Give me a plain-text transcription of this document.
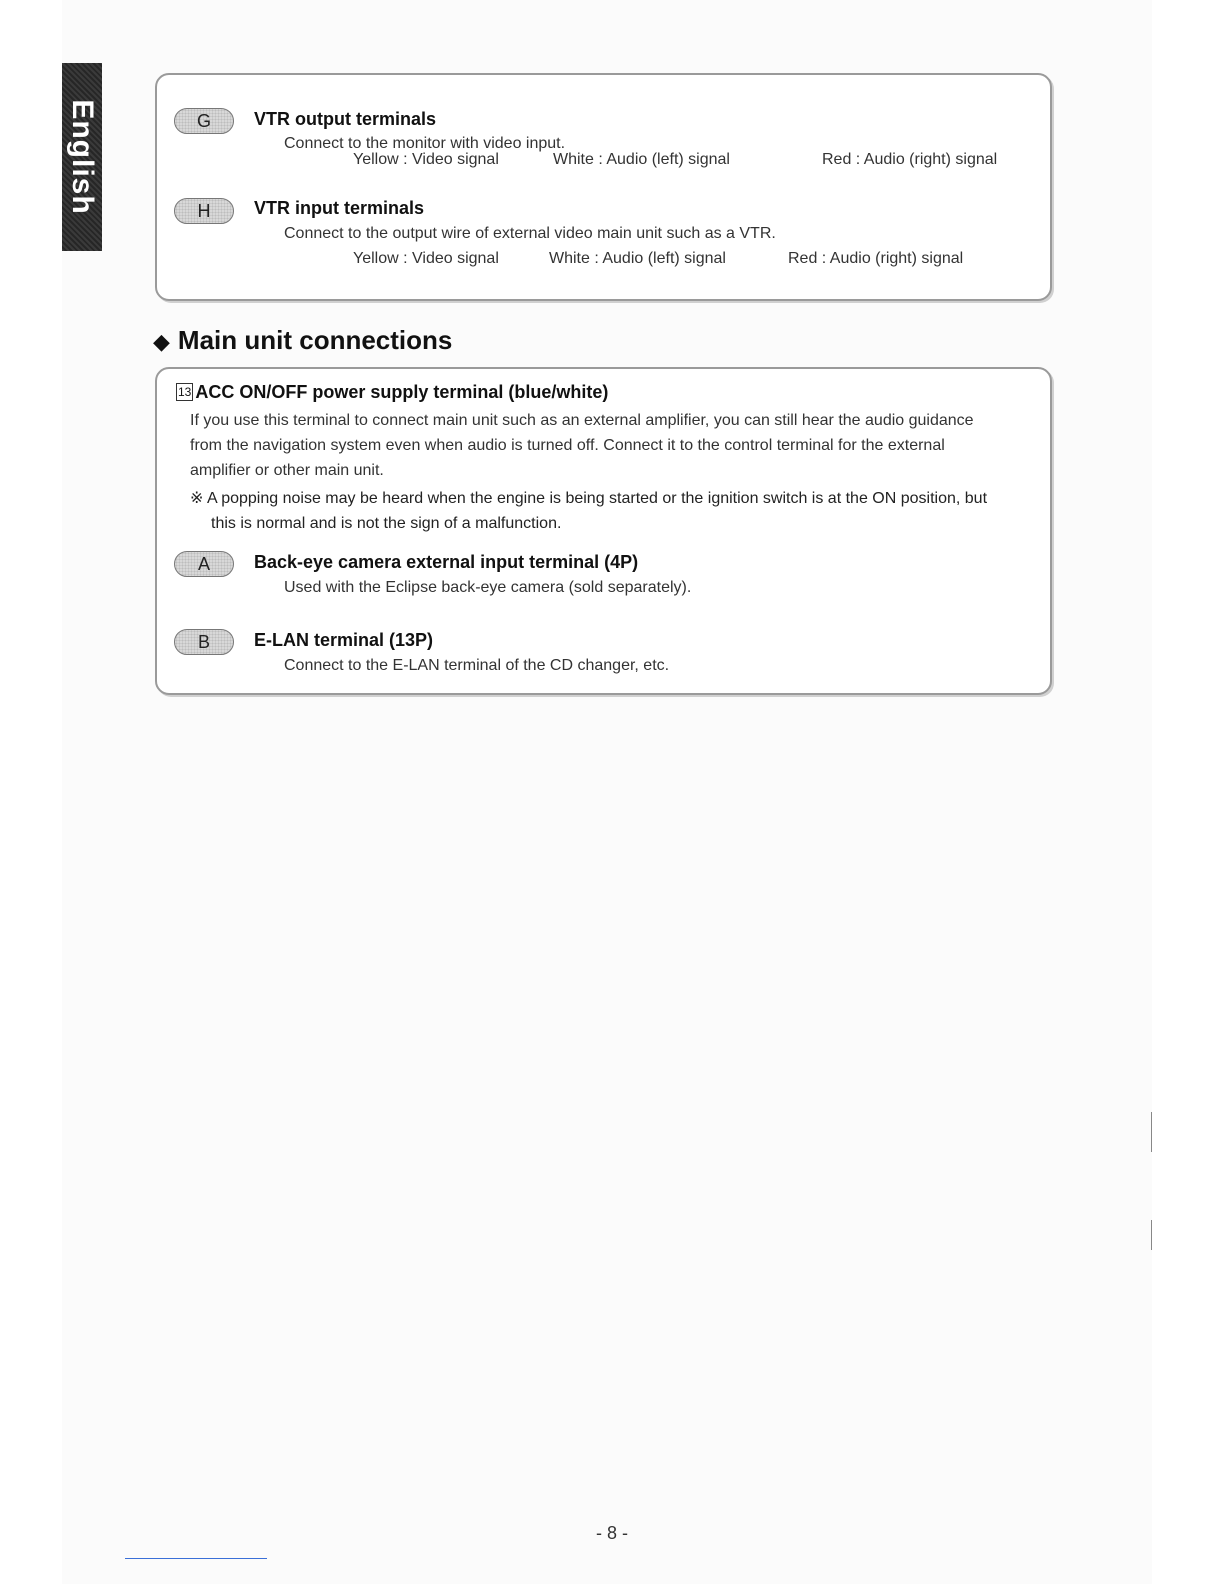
English	G	VTR output terminals
Connect to the monitor with video input.
Yellow : Video signal	White : Audio (left) signal	Red : Audio (right) signal
H	VTR input terminals
Connect to the output wire of external video main unit such as a VTR.
Yellow : Video signal	White : Audio (left) signal	Red : Audio (right) signal
◆ Main unit connections
13 ACC ON/OFF power supply terminal (blue/white)
If you use this terminal to connect main unit such as an external amplifier, you can still hear the audio guidance
from the navigation system even when audio is turned off. Connect it to the control terminal for the external
amplifier or other main unit.
※ A popping noise may be heard when the engine is being started or the ignition switch is at the ON position, but
this is normal and is not the sign of a malfunction.
A	Back-eye camera external input terminal (4P)
Used with the Eclipse back-eye camera (sold separately).
B	E-LAN terminal (13P)
Connect to the E-LAN terminal of the CD changer, etc.
- 8 -
